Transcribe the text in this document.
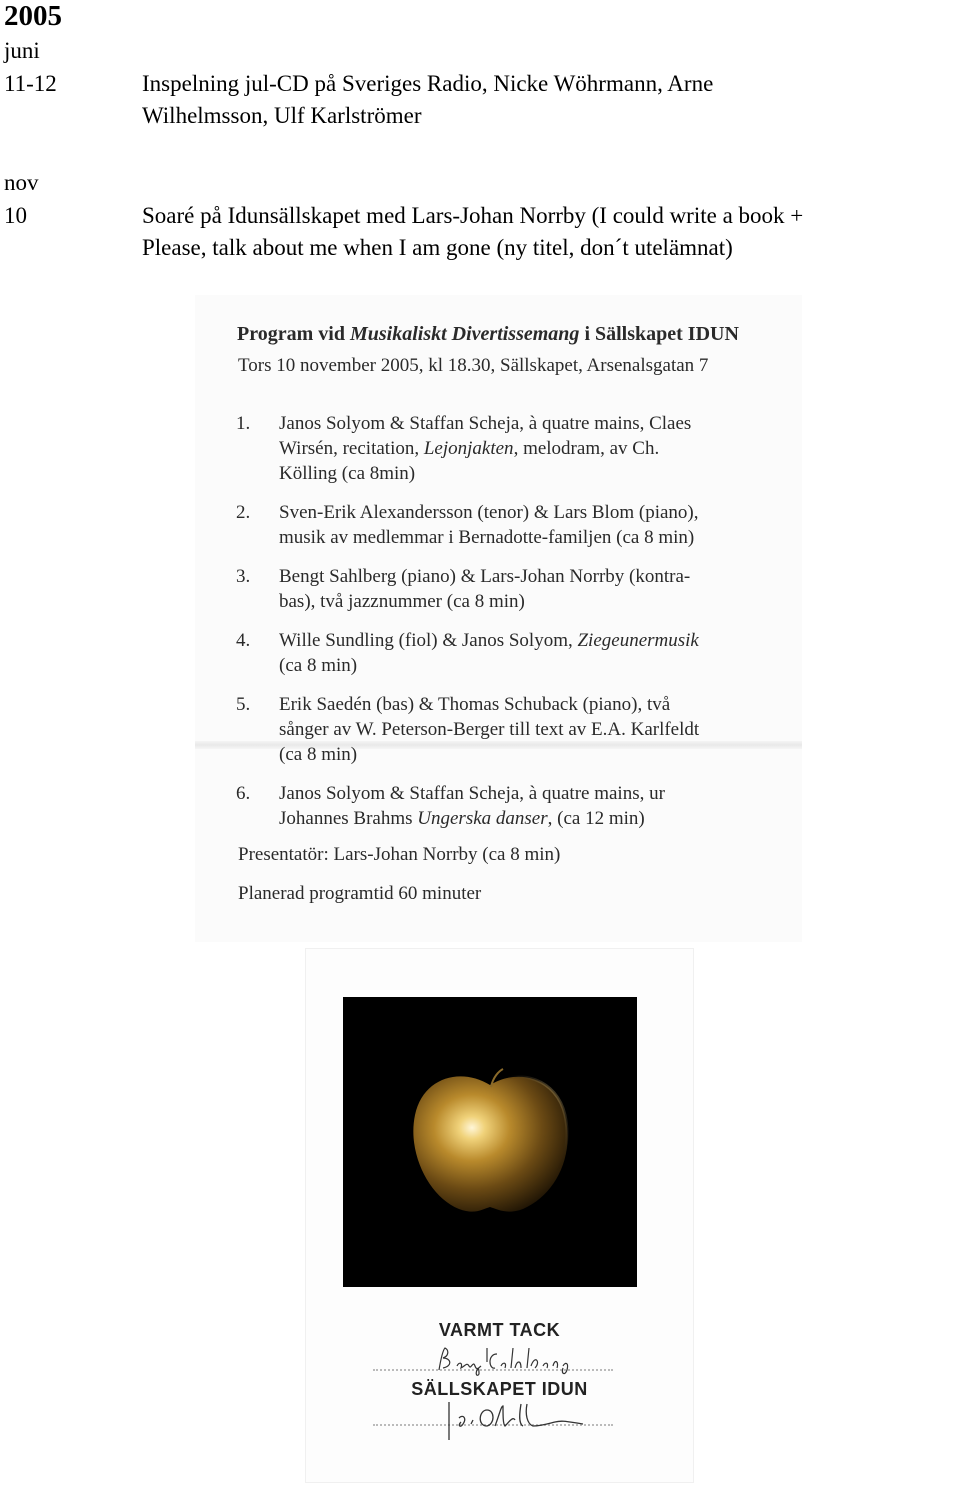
2005
juni
11-12	Inspelning jul-CD på Sveriges Radio, Nicke Wöhrmann, Arne
Wilhelmsson, Ulf Karlströmer
nov
10	Soaré på Idunsällskapet med Lars-Johan Norrby (I could write a book +
Please, talk about me when I am gone (ny titel, don´t utelämnat)
Program vid Musikaliskt Divertissemang i Sällskapet IDUN
Tors 10 november 2005, kl 18.30, Sällskapet, Arsenalsgatan 7
1. Janos Solyom & Staffan Scheja, à quatre mains, Claes
Wirsén, recitation, Lejonjakten, melodram, av Ch.
Kölling (ca 8min)
2. Sven-Erik Alexandersson (tenor) & Lars Blom (piano),
musik av medlemmar i Bernadotte-familjen (ca 8 min)
3. Bengt Sahlberg (piano) & Lars-Johan Norrby (kontra-
bas), två jazznummer (ca 8 min)
4. Wille Sundling (fiol) & Janos Solyom, Ziegeunermusik
(ca 8 min)
5. Erik Saedén (bas) & Thomas Schuback (piano), två
sånger av W. Peterson-Berger till text av E.A. Karlfeldt
(ca 8 min)
6. Janos Solyom & Staffan Scheja, à quatre mains, ur
Johannes Brahms Ungerska danser, (ca 12 min)
Presentatör: Lars-Johan Norrby (ca 8 min)
Planerad programtid 60 minuter
VARMT TACK
SÄLLSKAPET IDUN
